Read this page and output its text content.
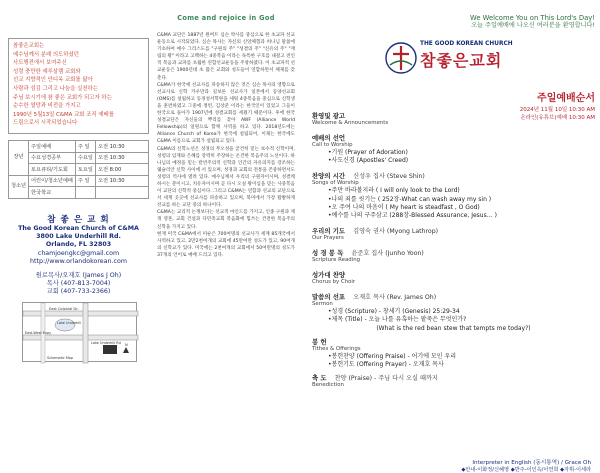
참좋은교회는
예수님께서 분래 의도하셨던
사도행전에서 보여주신
성령 충만한 예루살렘 교회와
선교 지향적인 안디옥 교회를 닮아
사람과 섬김 그리고 나눔을 실천하는
주님 보시기에 참 좋은 교회가 되고자 하는
순수한 열망과 비전을 가지고
1990년 5월13일 C&MA 교회 조직 예배를
드림으로서 시작되었습니다
장년	주일예배	주 일	오전 10:30
	수요성경공부	수요일	오전 10:30
	토요큐티/기도회	토요일	오전 8:00
청소년	어린이/청소년예배	주 일	오전 10:30
	한국학교		
참 좋 은 교 회
The Good Korean Church of C&MA
3800 Lake Underhill Rd.
Orlando, FL 32803
chamjoengkc@gmail.com
http://www.orlandokorean.com
원로목사/오재호 (James J Oh)
목사 (407-813-7004)
교회 (407-733-2366)
East Colonial Dr.
Lake Underhill
East-West Expy
Lake Underhill Rd
Schematic Map
N
Come and rejoice in God

C&MA 교단은 1887년 원버트 심슨 박사를 중심으로 한 초교파 선교운동으로 시작되었다. 심슨 목사는 자신의 신앙체험과 허나님 말씀에 기초하여 예수 그리스도를 "구원의 주" "성결의 주" "신유의 주" "재림의 왕" 이라고 고백하는 4중복음 이라는 독특한 구호를 내걸고 전인적 복음과 교파를 초월한 연합선교운동을 주창하였다. 이 초교파적 선교운동은 1900년대 초 많은 교회와 성도들이 연합하면서 체제를 갖춘다.

C&MA가 한국에 선교사를 파송하지 않은 것은 심슨 목사의 영향으로 선교사로 신학 카우만과 길보른 선교사가 일본에서 동양선교회(OMS)를 설립하고 동경성서학원을 세워 4중복음을 중심으로 신학생을 훈련하였고 그중에 정빈, 김상준 이라는 한국인이 있었고 그들이 한국으로 돌아가 1907년에 성결교회를 세웠기 때문이다. 후에 한국 성결교단은 자신들의 뿌리를 찾아 AWF (Alliance World Fellowship)의 일원으로 함께 사역을 하고 있다. 2018년도에는 Alliance Church of Korea가 한국에 설립되어, 이제는 한국에도 C&MA 이름으로 교회가 설립되고 있다.

C&MA의 신학노선은 성경의 무오성을 굳건히 믿는 보수적 신학이며, 성령의 임재와 은혜를 강력히 주장하는 온건한 복음주의 노선이다. 하나님의 예정을 믿는 칼빈주의적 신학과 인간의 자유의지를 강조하는 웨슬리안 신학 사이에 서 있으며, 성경과 교회의 전통을 존중하면서도 성령의 역사에 열려 있다. 예수님께서 우리의 구원자이시며, 성결케 하시는 분이시고, 치유자이시며 곧 다시 오실 왕이심을 믿는 사중복음이 교단의 신학적 중심이다. 그리고 C&MA는 연합과 선교의 교단으로서 세계 곳곳에 선교사를 파송하고 있으며, 북미에서 가장 활발하게 선교를 하는 교단 중의 하나이다.

C&MA는 교리적 논쟁보다는 선교적 마인드를 가지고, 인종 구원과 재개 영혼, 교회 건설과 다민족교회 복음화에 힘쓰는 건전한 복음주의 신학을 가지고 있다.

현재 미국 C&MA에서 미순은 700여명의 선교사가 세계 85개국에서 사역하고 있고, 2만2천여개의 교회에 45만여만 성도가 있고, 90여개의 신학교가 있다. 미국에는 2천여개의 교회에서 50여만명의 성도가 37개의 언어로 예배 드리고 있다.

We Welcome You on This Lord's Day!
오늘 주일예배에 나오신 여러분을 환영합니다!
THE GOOD KOREAN CHURCH
참좋은교회
주일예배순서
2024년 11월 10일 10:30 AM
온라인(유튜브)예배 10:30 AM
환영및 광고
Welcome & Announcements
예배의 선언
Call to Worship
•기원 (Prayer of Adoration)
•사도신경 (Apostles' Creed)
찬양의 시간 신성우 집사 (Steve Shin)
Songs of Worship
•주만 바라볼지라 ( I will only look to the Lord)
•나의 죄를 씻기는 ( 252장-What can wash away my sin )
•오 주여 나의 마음이 ( My heart is steadfast , O God)
•예수를 나의 구주삼고 (288장-Blessed Assurance, Jesus… )
우리의 기도 김영숙 권사 (Myong Lathrop)
Our Prayers
성 경 봉 독 윤준호 집사 (Junho Yoon)
Scripture Reading
성가대 찬양
Chorus by Choir
말씀의 선포 오재호 목사 (Rev. James Oh)
Sermon
•성경 (Scripture) - 창세기 (Genesis) 25:29-34
•제목 (Title) - 오늘 나를 유혹하는 팥죽은 무엇인가?
(What is the red bean stew that tempts me today?)
봉 헌
Tithes & Offerings
•봉헌찬양 (Offering Praise) - 어기에 모인 우리
•봉헌기도 (Offering Prayer) - 오재호 목사
축 도 찬양 (Praise) - 주님 다시 오실 때까지
Benediction
Interpreter in English (동시통역) / Grace Oh
◆안내-이화정/신혜영 ◆반주-이인옥/이연희 ◆자휘-이세라
